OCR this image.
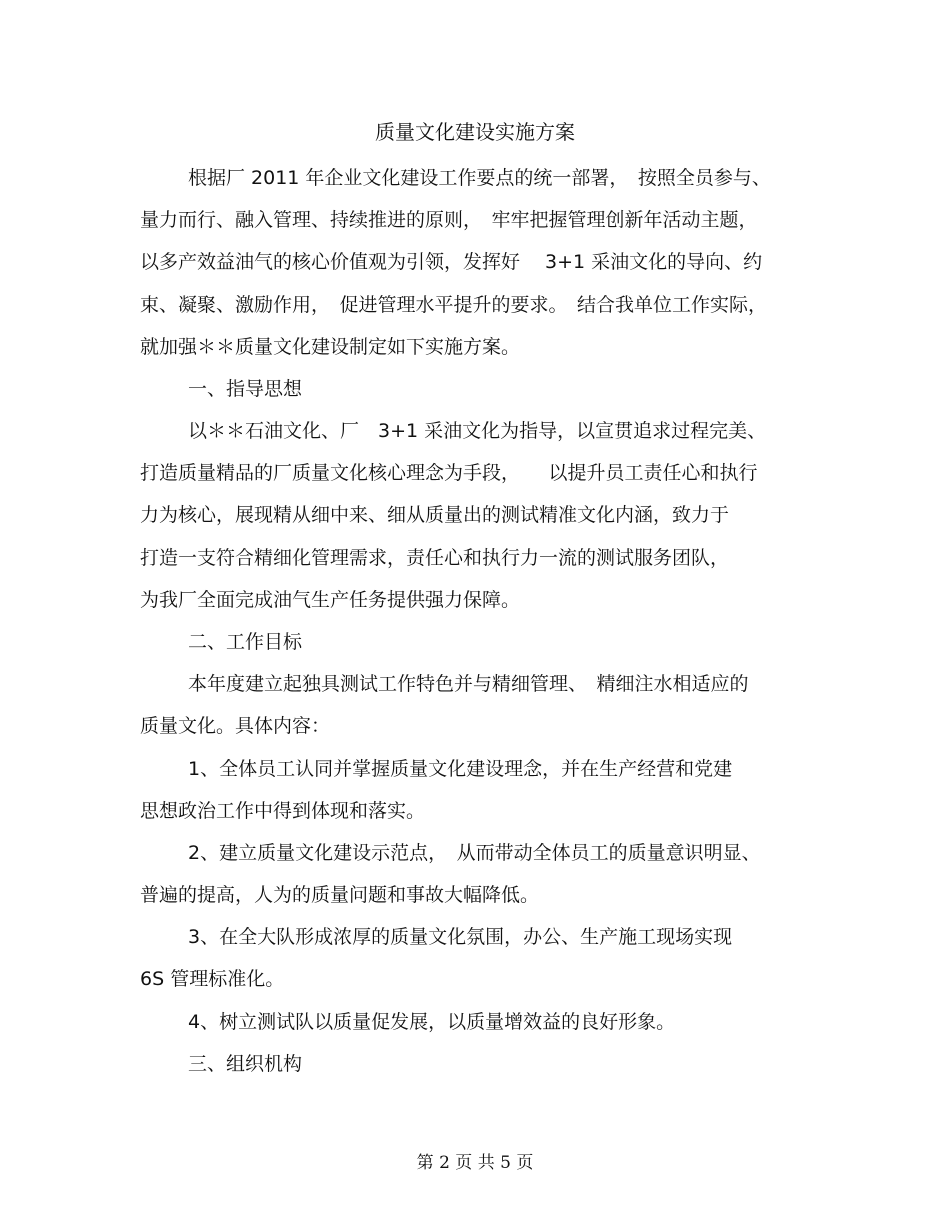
质量文化建设实施方案

根据厂 2011 年企业文化建设工作要点的统一部署，　按照全员参与、

量力而行、融入管理、持续推进的原则，　牢牢把握管理创新年活动主题，

以多产效益油气的核心价值观为引领，发挥好　 3+1 采油文化的导向、约

束、凝聚、激励作用，　促进管理水平提升的要求。　结合我单位工作实际，

就加强＊＊质量文化建设制定如下实施方案。

一、指导思想

以＊＊石油文化、厂　3+1 采油文化为指导，以宣贯追求过程完美、

打造质量精品的厂质量文化核心理念为手段，　　以提升员工责任心和执行

力为核心，展现精从细中来、细从质量出的测试精准文化内涵，致力于

打造一支符合精细化管理需求，责任心和执行力一流的测试服务团队，

为我厂全面完成油气生产任务提供强力保障。

二、工作目标

本年度建立起独具测试工作特色并与精细管理、　精细注水相适应的

质量文化。具体内容：

1、全体员工认同并掌握质量文化建设理念，并在生产经营和党建

思想政治工作中得到体现和落实。

2、建立质量文化建设示范点，　从而带动全体员工的质量意识明显、

普遍的提高，人为的质量问题和事故大幅降低。

3、在全大队形成浓厚的质量文化氛围，办公、生产施工现场实现

6S 管理标准化。

4、树立测试队以质量促发展，以质量增效益的良好形象。

三、组织机构

第 2 页 共 5 页
